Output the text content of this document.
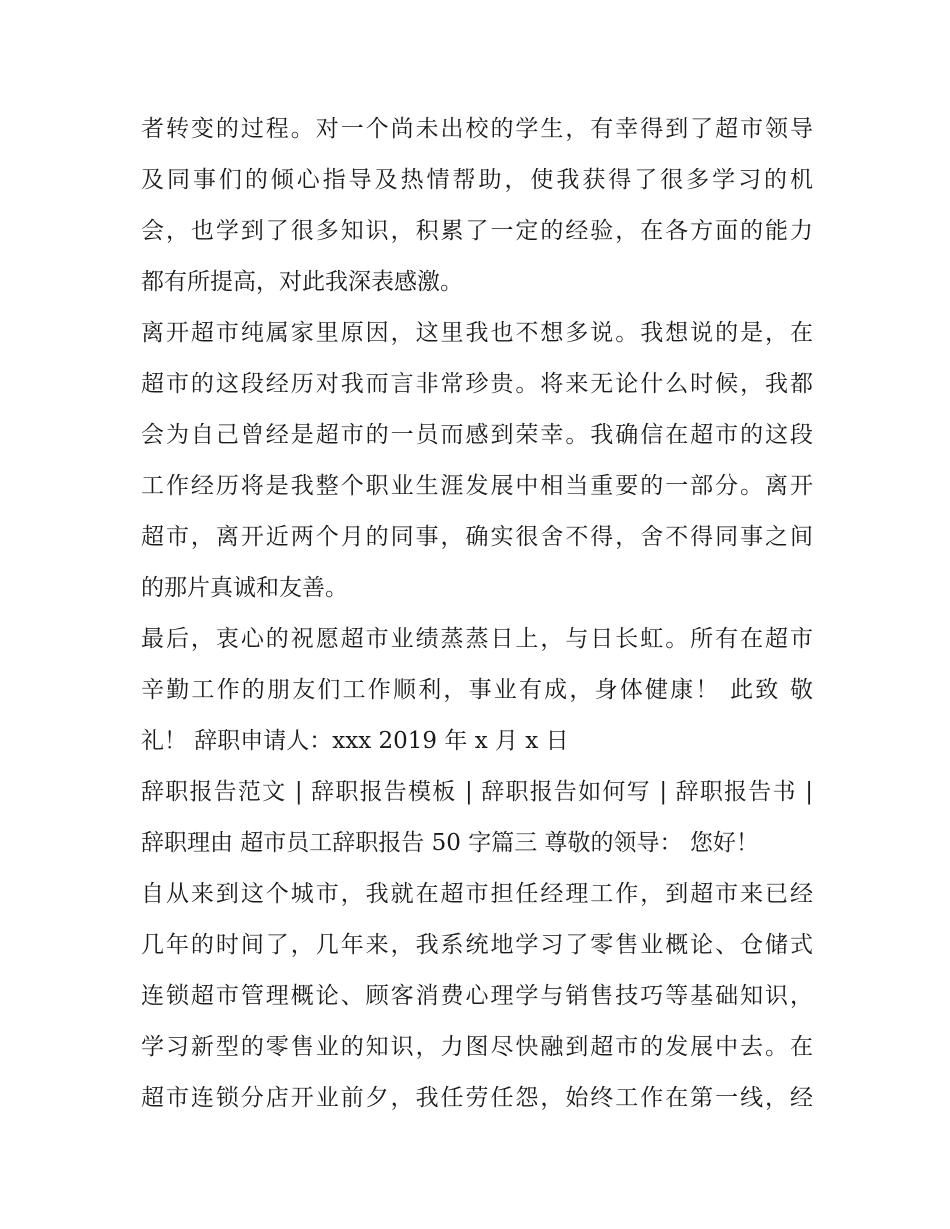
者转变的过程。对一个尚未出校的学生，有幸得到了超市领导
及同事们的倾心指导及热情帮助，使我获得了很多学习的机
会，也学到了很多知识，积累了一定的经验，在各方面的能力
都有所提高，对此我深表感激。
离开超市纯属家里原因，这里我也不想多说。我想说的是，在
超市的这段经历对我而言非常珍贵。将来无论什么时候，我都
会为自己曾经是超市的一员而感到荣幸。我确信在超市的这段
工作经历将是我整个职业生涯发展中相当重要的一部分。离开
超市，离开近两个月的同事，确实很舍不得，舍不得同事之间
的那片真诚和友善。
最后，衷心的祝愿超市业绩蒸蒸日上，与日长虹。所有在超市
辛勤工作的朋友们工作顺利，事业有成，身体健康！ 此致 敬
礼！ 辞职申请人：xxx 2019 年 x 月 x 日
辞职报告范文 | 辞职报告模板 | 辞职报告如何写 | 辞职报告书 |
辞职理由 超市员工辞职报告 50 字篇三 尊敬的领导： 您好！
自从来到这个城市，我就在超市担任经理工作，到超市来已经
几年的时间了，几年来，我系统地学习了零售业概论、仓储式
连锁超市管理概论、顾客消费心理学与销售技巧等基础知识，
学习新型的零售业的知识，力图尽快融到超市的发展中去。在
超市连锁分店开业前夕，我任劳任怨，始终工作在第一线，经
